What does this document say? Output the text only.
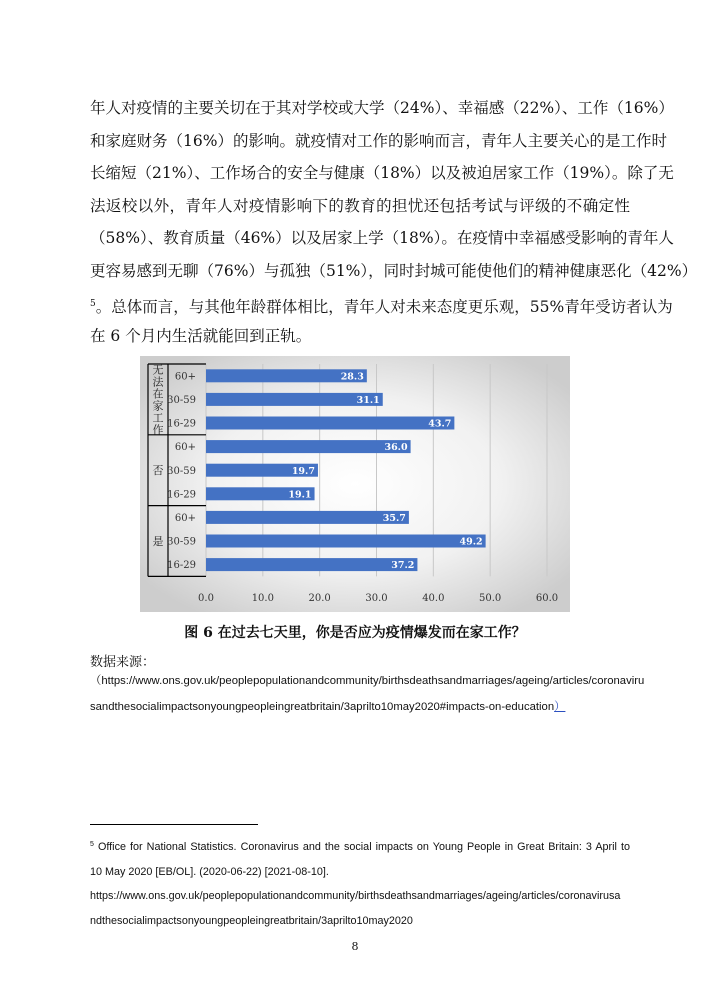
年人对疫情的主要关切在于其对学校或大学（24%）、幸福感（22%）、工作（16%）
和家庭财务（16%）的影响。就疫情对工作的影响而言，青年人主要关心的是工作时
长缩短（21%）、工作场合的安全与健康（18%）以及被迫居家工作（19%）。除了无
法返校以外，青年人对疫情影响下的教育的担忧还包括考试与评级的不确定性
（58%）、教育质量（46%）以及居家上学（18%）。在疫情中幸福感受影响的青年人
更容易感到无聊（76%）与孤独（51%），同时封城可能使他们的精神健康恶化（42%）
$^5$。总体而言，与其他年龄群体相比，青年人对未来态度更乐观，55%青年受访者认为
在 6 个月内生活就能回到正轨。
28.3
31.1
43.7
36.0
19.7
19.1
35.7
49.2
37.2
0.0	10.0	20.0	30.0	40.0	50.0	60.0
60+
30-59
16-29
无法在家工作
60+
30-59
16-29
否
60+
30-59
16-29
是

图 6 在过去七天里，你是否应为疫情爆发而在家工作？

数据来源：

（https://www.ons.gov.uk/peoplepopulationandcommunity/birthsdeathsandmarriages/ageing/articles/coronaviru
sandthesocialimpactsonyoungpeopleingreatbritain/3aprilto10may2020#impacts-on-education）

$^5$ Office for National Statistics. Coronavirus and the social impacts on Young People in Great Britain: 3 April to
10 May 2020 [EB/OL]. (2020-06-22) [2021-08-10].
https://www.ons.gov.uk/peoplepopulationandcommunity/birthsdeathsandmarriages/ageing/articles/coronavirusa
ndthesocialimpactsonyoungpeopleingreatbritain/3aprilto10may2020

8
